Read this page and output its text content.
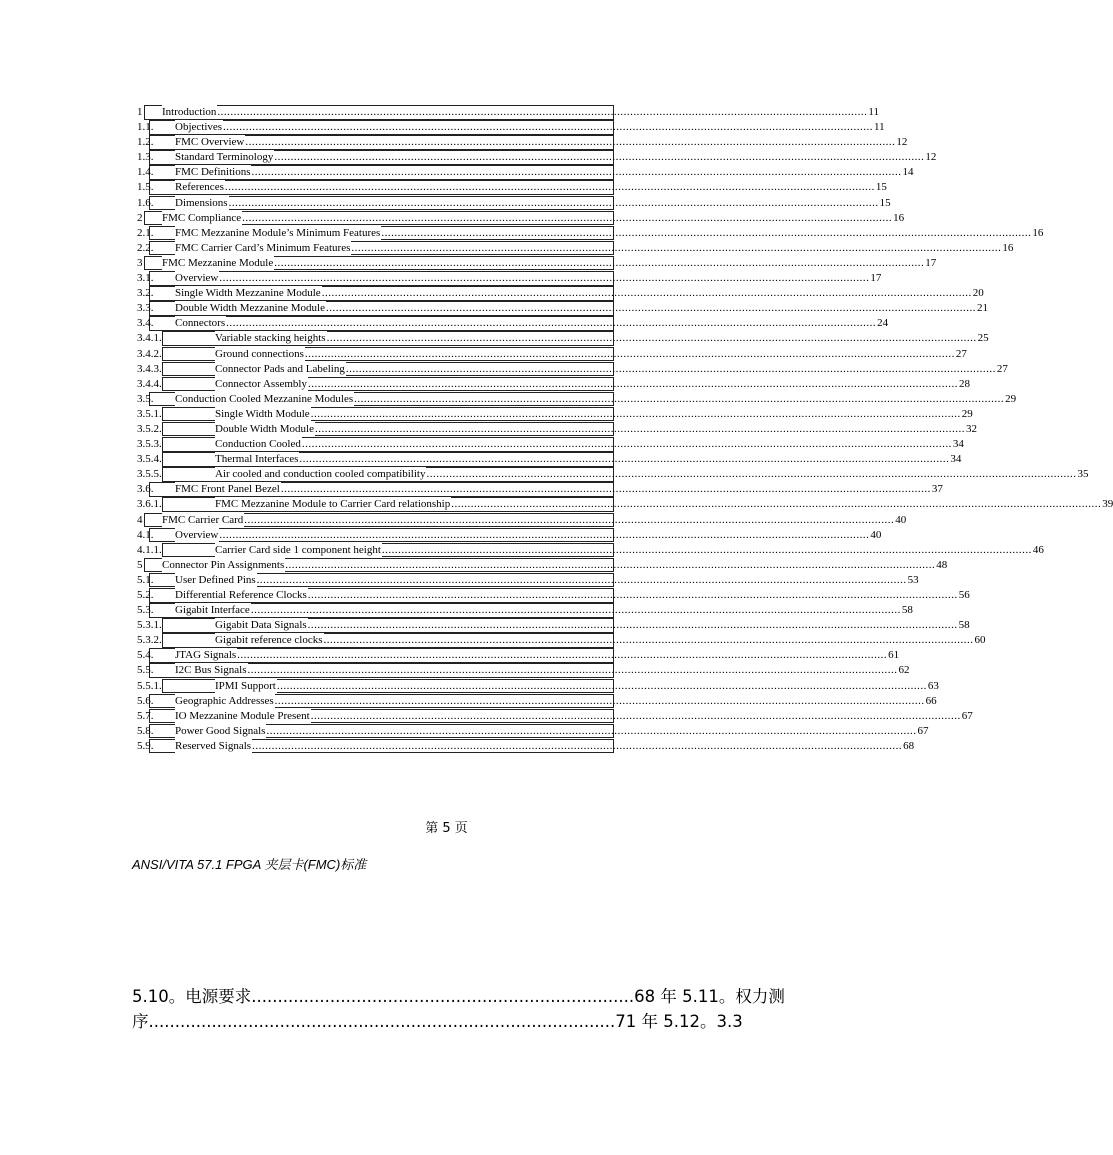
1 Introduction ........................................................................................................................................................................................................ 11
1.1. Objectives ........................................................................................................................................................................................................ 11
1.2. FMC Overview ........................................................................................................................................................................................................ 12
1.3. Standard Terminology ........................................................................................................................................................................................................ 12
1.4. FMC Definitions ........................................................................................................................................................................................................ 14
1.5. References ........................................................................................................................................................................................................ 15
1.6. Dimensions ........................................................................................................................................................................................................ 15
2 FMC Compliance ........................................................................................................................................................................................................ 16
2.1. FMC Mezzanine Module’s Minimum Features ........................................................................................................................................................................................................ 16
2.2. FMC Carrier Card’s Minimum Features ........................................................................................................................................................................................................ 16
3 FMC Mezzanine Module ........................................................................................................................................................................................................ 17
3.1. Overview ........................................................................................................................................................................................................ 17
3.2. Single Width Mezzanine Module ........................................................................................................................................................................................................ 20
3.3. Double Width Mezzanine Module ........................................................................................................................................................................................................ 21
3.4. Connectors ........................................................................................................................................................................................................ 24
3.4.1.	Variable stacking heights ........................................................................................................................................................................................................ 25
3.4.2.	Ground connections ........................................................................................................................................................................................................ 27
3.4.3.	Connector Pads and Labeling ........................................................................................................................................................................................................ 27
3.4.4.	Connector Assembly ........................................................................................................................................................................................................ 28
3.5. Conduction Cooled Mezzanine Modules ........................................................................................................................................................................................................ 29
3.5.1.	Single Width Module ........................................................................................................................................................................................................ 29
3.5.2.	Double Width Module ........................................................................................................................................................................................................ 32
3.5.3.	Conduction Cooled ........................................................................................................................................................................................................ 34
3.5.4.	Thermal Interfaces ........................................................................................................................................................................................................ 34
3.5.5.	Air cooled and conduction cooled compatibility ........................................................................................................................................................................................................ 35
3.6. FMC Front Panel Bezel ........................................................................................................................................................................................................ 37
3.6.1.	FMC Mezzanine Module to Carrier Card relationship ........................................................................................................................................................................................................ 39
4 FMC Carrier Card ........................................................................................................................................................................................................ 40
4.1. Overview ........................................................................................................................................................................................................ 40
4.1.1.	Carrier Card side 1 component height ........................................................................................................................................................................................................ 46
5 Connector Pin Assignments ........................................................................................................................................................................................................ 48
5.1. User Defined Pins ........................................................................................................................................................................................................ 53
5.2. Differential Reference Clocks ........................................................................................................................................................................................................ 56
5.3. Gigabit Interface ........................................................................................................................................................................................................ 58
5.3.1.	Gigabit Data Signals ........................................................................................................................................................................................................ 58
5.3.2.	Gigabit reference clocks ........................................................................................................................................................................................................ 60
5.4. JTAG Signals ........................................................................................................................................................................................................ 61
5.5. I2C Bus Signals ........................................................................................................................................................................................................ 62
5.5.1.	IPMI Support ........................................................................................................................................................................................................ 63
5.6. Geographic Addresses ........................................................................................................................................................................................................ 66
5.7. IO Mezzanine Module Present ........................................................................................................................................................................................................ 67
5.8. Power Good Signals ........................................................................................................................................................................................................ 67
5.9. Reserved Signals ........................................................................................................................................................................................................ 68
第 5 页
ANSI/VITA 57.1 FPGA 夹层卡(FMC)标准
5.10。电源要求.........................................................................68 年 5.11。权力测
序.........................................................................................71 年 5.12。3.3
